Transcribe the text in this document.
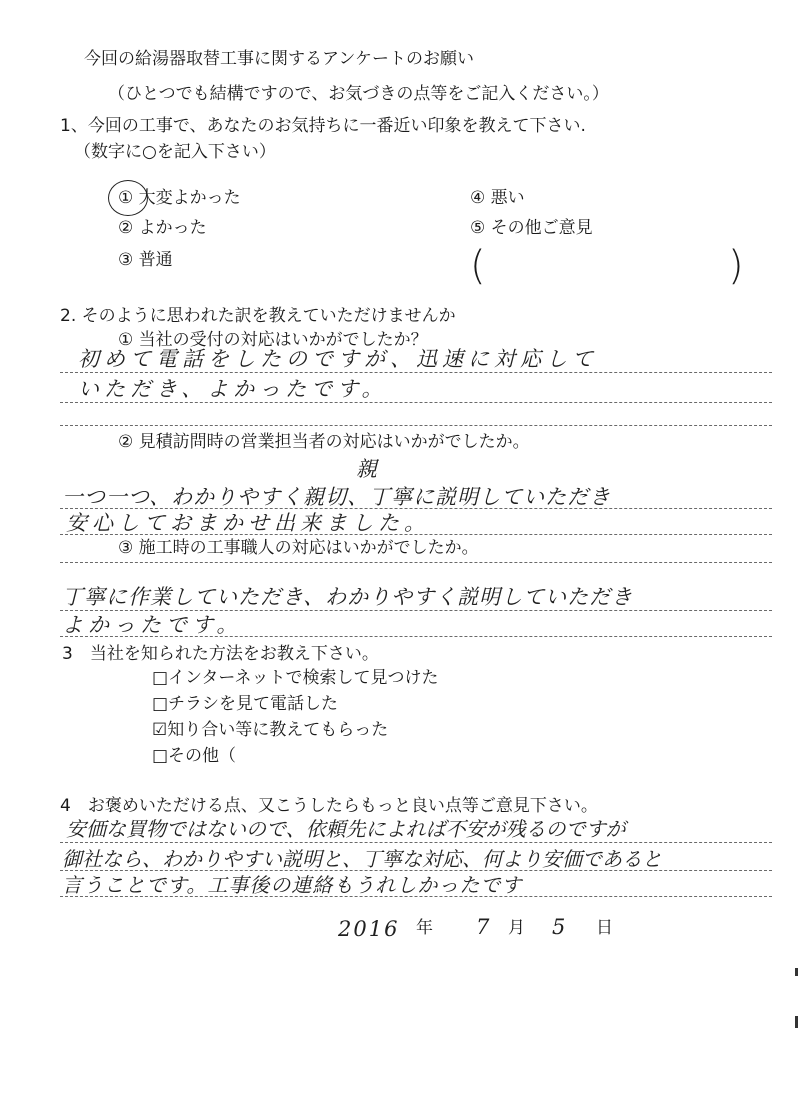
今回の給湯器取替工事に関するアンケートのお願い
（ひとつでも結構ですので、お気づきの点等をご記入ください。）
1、今回の工事で、あなたのお気持ちに一番近い印象を教えて下さい.
（数字に○を記入下さい）
① 大変よかった
② よかった
③ 普通
④ 悪い
⑤ その他ご意見
(	)
2. そのように思われた訳を教えていただけませんか
① 当社の受付の対応はいかがでしたか？
初めて電話をしたのですが、迅速に対応して
いただき、よかったです。
② 見積訪問時の営業担当者の対応はいかがでしたか。
親
一つ一つ、わかりやすく親切、丁寧に説明していただき
安心しておまかせ出来ました。
③ 施工時の工事職人の対応はいかがでしたか。
丁寧に作業していただき、わかりやすく説明していただき
よかったです。
3　当社を知られた方法をお教え下さい。
□インターネットで検索して見つけた
□チラシを見て電話した
☑知り合い等に教えてもらった
□その他（
4　お褒めいただける点、又こうしたらもっと良い点等ご意見下さい。
安価な買物ではないので、依頼先によれば不安が残るのですが
御社なら、わかりやすい説明と、丁寧な対応、何より安価であると
言うことです。工事後の連絡もうれしかったです
2016 年 7 月 5 日
